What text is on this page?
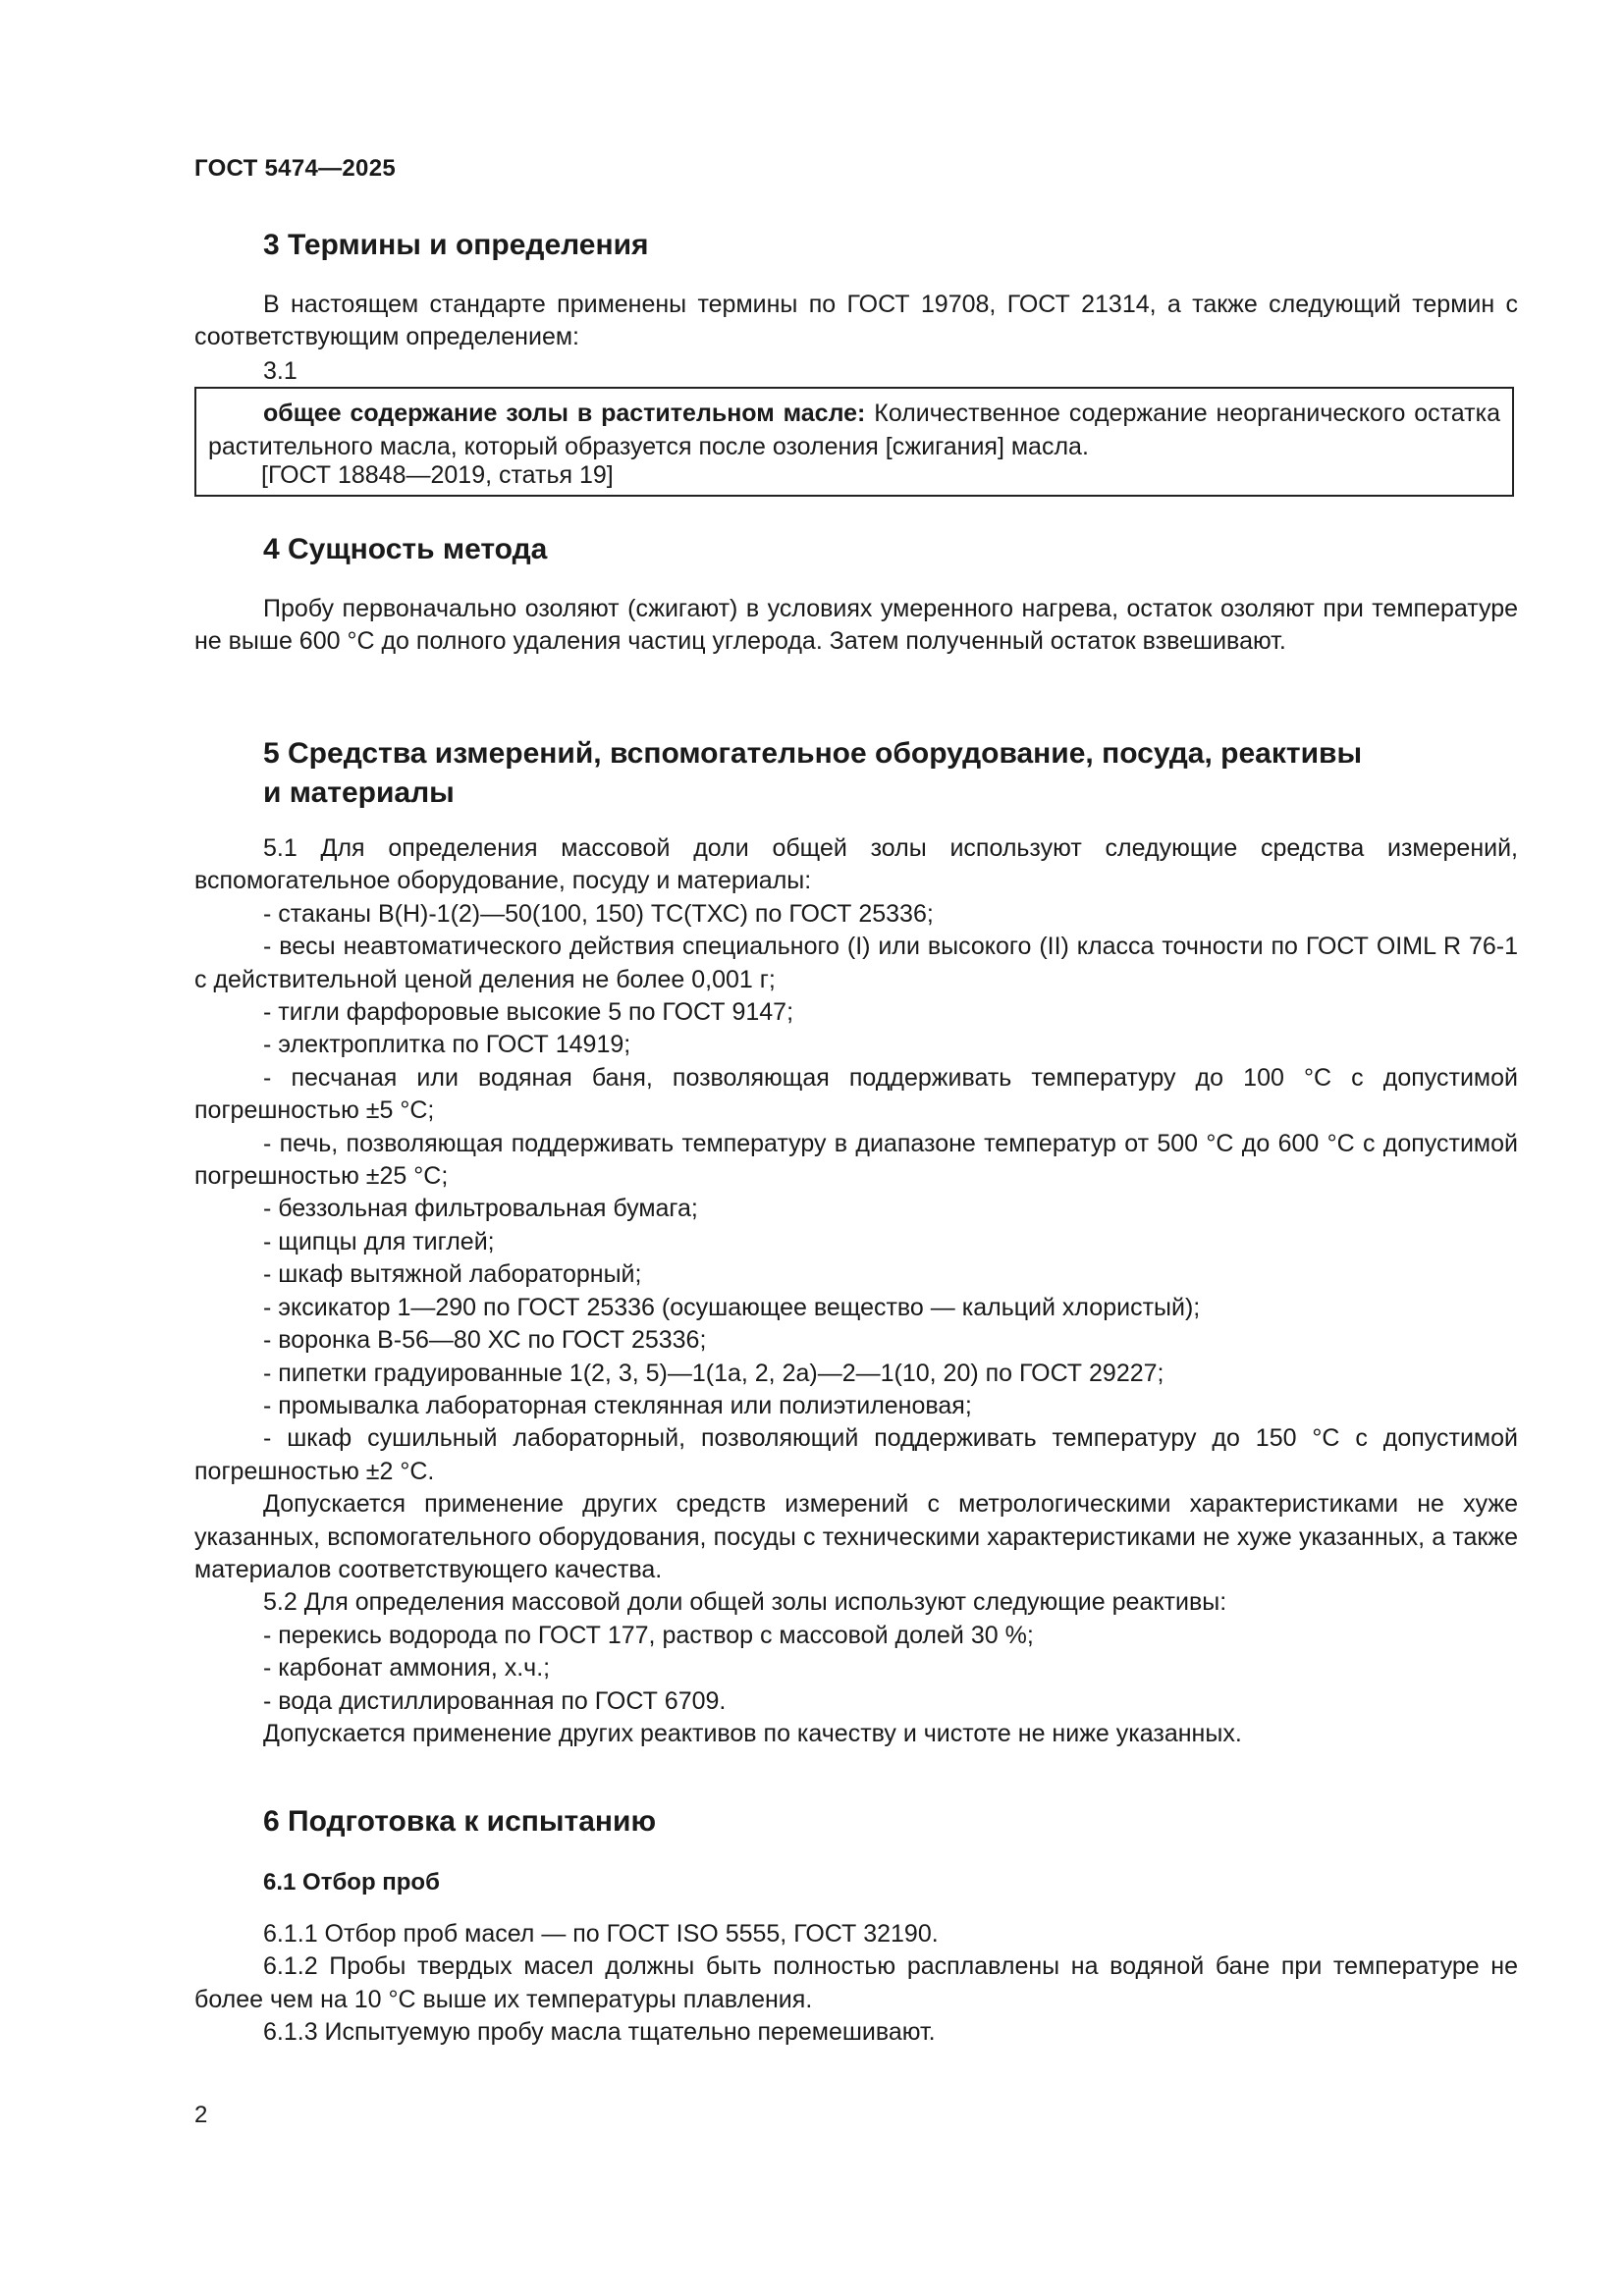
ГОСТ 5474—2025
3 Термины и определения
В настоящем стандарте применены термины по ГОСТ 19708, ГОСТ 21314, а также следующий термин с соответствующим определением:
3.1
общее содержание золы в растительном масле: Количественное содержание неорганического остатка растительного масла, который образуется после озоления [сжигания] масла.
[ГОСТ 18848—2019, статья 19]
4 Сущность метода
Пробу первоначально озоляют (сжигают) в условиях умеренного нагрева, остаток озоляют при температуре не выше 600 °С до полного удаления частиц углерода. Затем полученный остаток взвешивают.
5 Средства измерений, вспомогательное оборудование, посуда, реактивы
и материалы
5.1 Для определения массовой доли общей золы используют следующие средства измерений, вспомогательное оборудование, посуду и материалы:
- стаканы В(Н)-1(2)—50(100, 150) ТС(ТХС) по ГОСТ 25336;
- весы неавтоматического действия специального (I) или высокого (II) класса точности по ГОСТ OIML R 76-1 с действительной ценой деления не более 0,001 г;
- тигли фарфоровые высокие 5 по ГОСТ 9147;
- электроплитка по ГОСТ 14919;
- песчаная или водяная баня, позволяющая поддерживать температуру до 100 °С с допустимой погрешностью ±5 °С;
- печь, позволяющая поддерживать температуру в диапазоне температур от 500 °С до 600 °С с допустимой погрешностью ±25 °С;
- беззольная фильтровальная бумага;
- щипцы для тиглей;
- шкаф вытяжной лабораторный;
- эксикатор 1—290 по ГОСТ 25336 (осушающее вещество — кальций хлористый);
- воронка В-56—80 ХС по ГОСТ 25336;
- пипетки градуированные 1(2, 3, 5)—1(1а, 2, 2а)—2—1(10, 20) по ГОСТ 29227;
- промывалка лабораторная стеклянная или полиэтиленовая;
- шкаф сушильный лабораторный, позволяющий поддерживать температуру до 150 °С с допустимой погрешностью ±2 °С.
Допускается применение других средств измерений с метрологическими характеристиками не хуже указанных, вспомогательного оборудования, посуды с техническими характеристиками не хуже указанных, а также материалов соответствующего качества.
5.2 Для определения массовой доли общей золы используют следующие реактивы:
- перекись водорода по ГОСТ 177, раствор с массовой долей 30 %;
- карбонат аммония, х.ч.;
- вода дистиллированная по ГОСТ 6709.
Допускается применение других реактивов по качеству и чистоте не ниже указанных.
6 Подготовка к испытанию
6.1 Отбор проб
6.1.1 Отбор проб масел — по ГОСТ ISO 5555, ГОСТ 32190.
6.1.2 Пробы твердых масел должны быть полностью расплавлены на водяной бане при температуре не более чем на 10 °С выше их температуры плавления.
6.1.3 Испытуемую пробу масла тщательно перемешивают.
2
